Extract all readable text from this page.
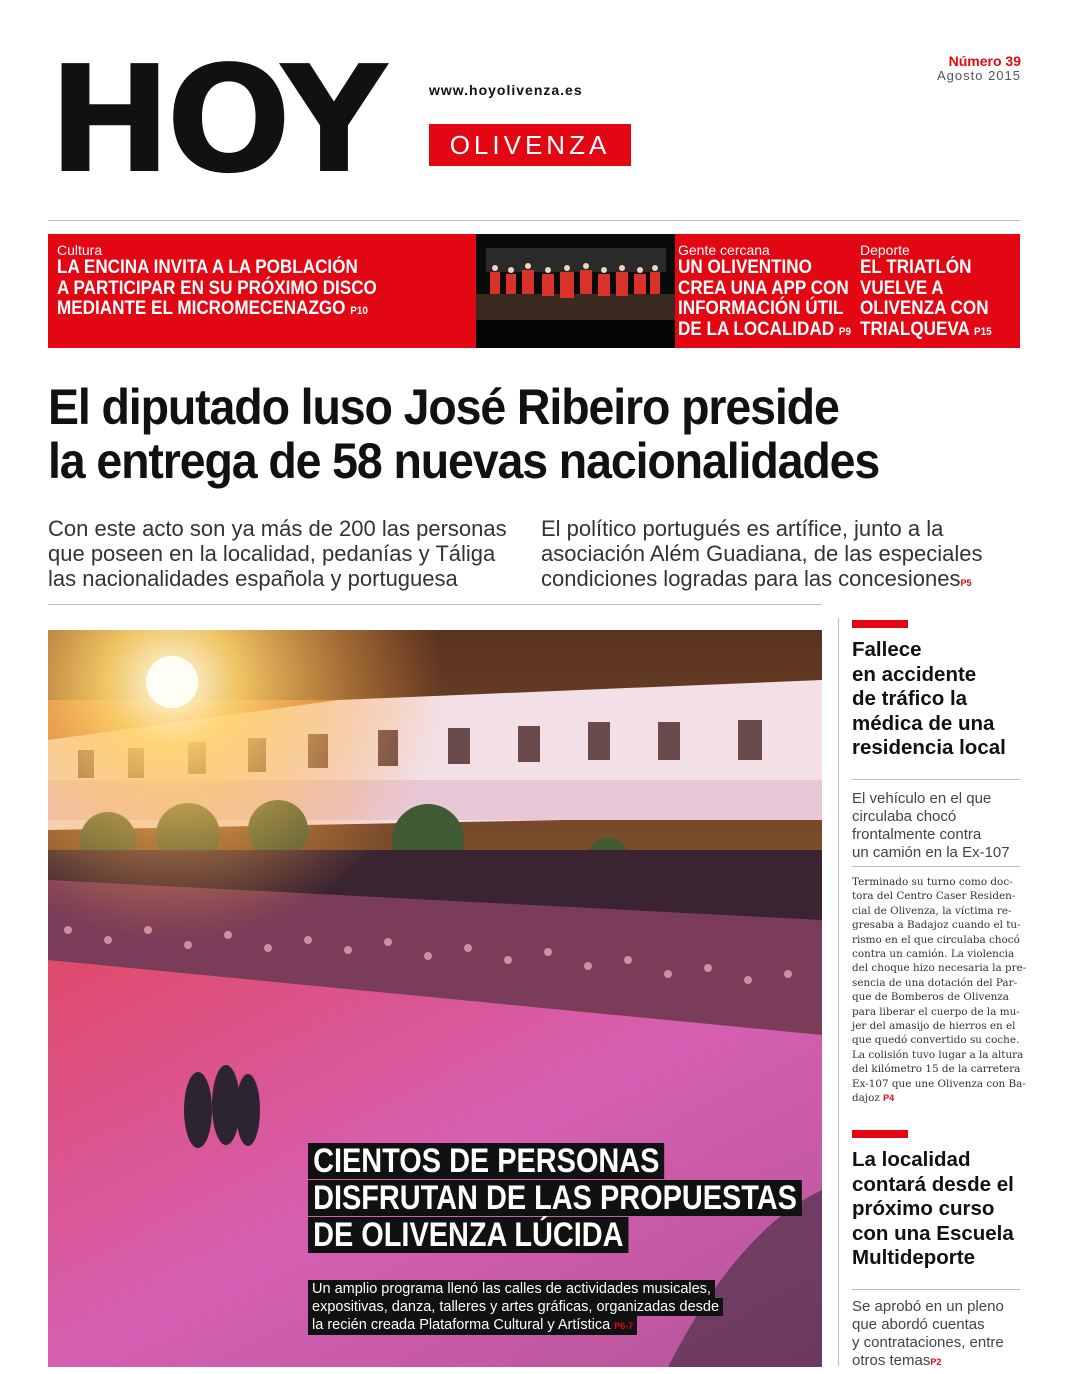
HOY	www.hoyolivenza.es
OLIVENZA
Número 39
Agosto 2015
Cultura
LA ENCINA INVITA A LA POBLACIÓN
A PARTICIPAR EN SU PRÓXIMO DISCO
MEDIANTE EL MICROMECENAZGO P10
Gente cercana
UN OLIVENTINO
CREA UNA APP CON
INFORMACIÓN ÚTIL
DE LA LOCALIDAD P9
Deporte
EL TRIATLÓN
VUELVE A
OLIVENZA CON
TRIALQUEVA P15
El diputado luso José Ribeiro preside
la entrega de 58 nuevas nacionalidades
Con este acto son ya más de 200 las personas
que poseen en la localidad, pedanías y Táliga
las nacionalidades española y portuguesa
El político portugués es artífice, junto a la
asociación Além Guadiana, de las especiales
condiciones logradas para las concesionesP5
CIENTOS DE PERSONAS
DISFRUTAN DE LAS PROPUESTAS
DE OLIVENZA LÚCIDA
Un amplio programa llenó las calles de actividades musicales,
expositivas, danza, talleres y artes gráficas, organizadas desde
la recién creada Plataforma Cultural y Artística P6-7
Fallece
en accidente
de tráfico la
médica de una
residencia local
El vehículo en el que
circulaba chocó
frontalmente contra
un camión en la Ex-107
Terminado su turno como doc-
tora del Centro Caser Residen-
cial de Olivenza, la víctima re-
gresaba a Badajoz cuando el tu-
rismo en el que circulaba chocó
contra un camión. La violencia
del choque hizo necesaria la pre-
sencia de una dotación del Par-
que de Bomberos de Olivenza
para liberar el cuerpo de la mu-
jer del amasijo de hierros en el
que quedó convertido su coche.
La colisión tuvo lugar a la altura
del kilómetro 15 de la carretera
Ex-107 que une Olivenza con Ba-
dajoz P4
La localidad
contará desde el
próximo curso
con una Escuela
Multideporte
Se aprobó en un pleno
que abordó cuentas
y contrataciones, entre
otros temasP2
